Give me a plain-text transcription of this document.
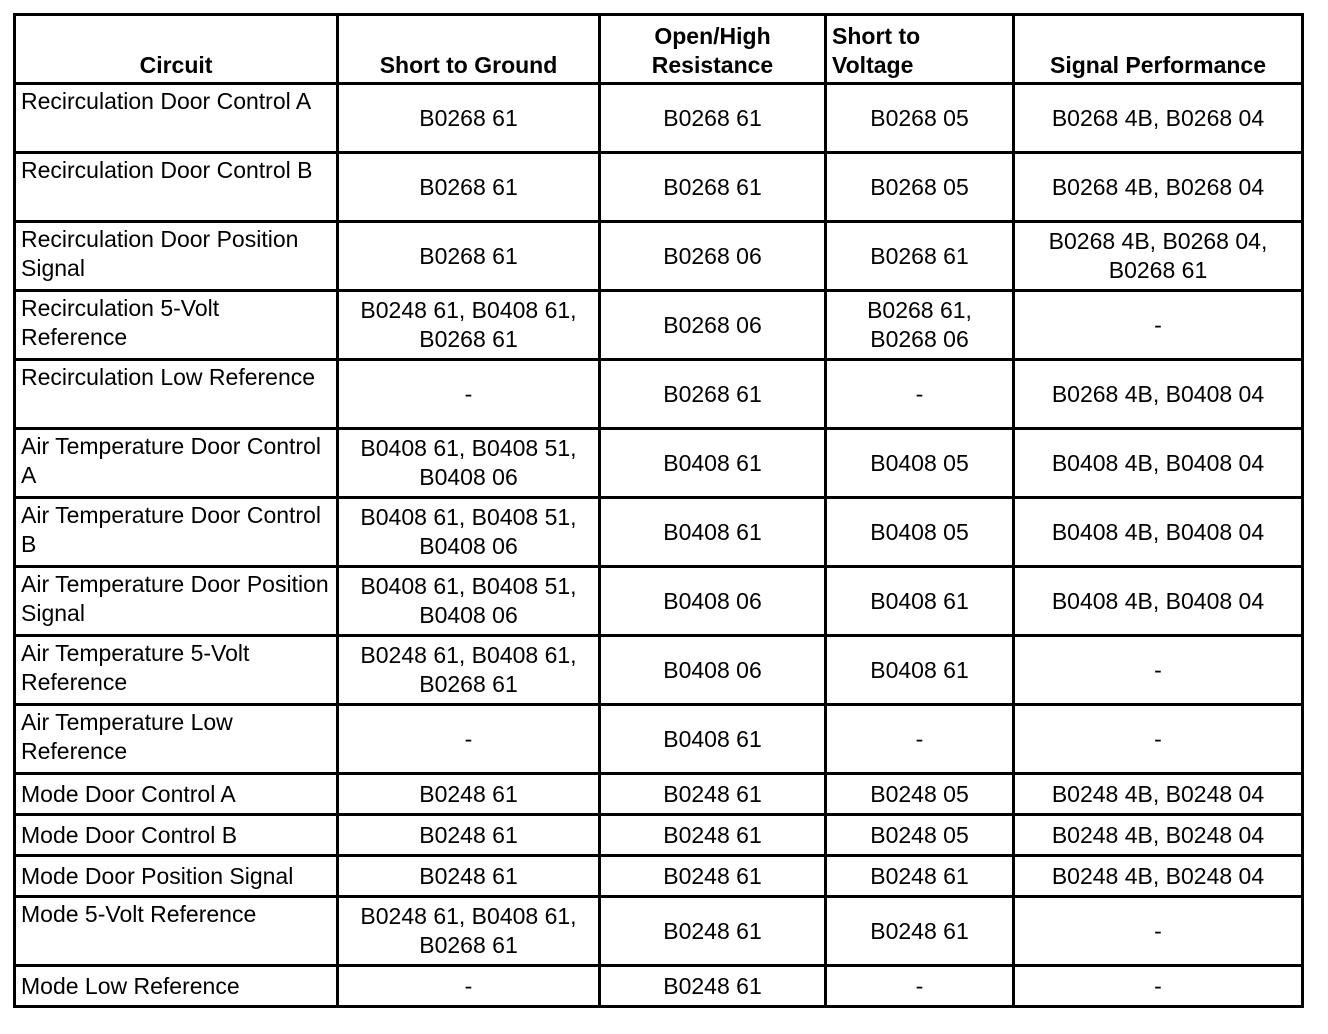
Circuit	Short to Ground	Open/High Resistance	Short to Voltage	Signal Performance
Recirculation Door Control A	B0268 61	B0268 61	B0268 05	B0268 4B, B0268 04
Recirculation Door Control B	B0268 61	B0268 61	B0268 05	B0268 4B, B0268 04
Recirculation Door Position Signal	B0268 61	B0268 06	B0268 61	B0268 4B, B0268 04, B0268 61
Recirculation 5-Volt Reference	B0248 61, B0408 61, B0268 61	B0268 06	B0268 61, B0268 06	-
Recirculation Low Reference	-	B0268 61	-	B0268 4B, B0408 04
Air Temperature Door Control A	B0408 61, B0408 51, B0408 06	B0408 61	B0408 05	B0408 4B, B0408 04
Air Temperature Door Control B	B0408 61, B0408 51, B0408 06	B0408 61	B0408 05	B0408 4B, B0408 04
Air Temperature Door Position Signal	B0408 61, B0408 51, B0408 06	B0408 06	B0408 61	B0408 4B, B0408 04
Air Temperature 5-Volt Reference	B0248 61, B0408 61, B0268 61	B0408 06	B0408 61	-
Air Temperature Low Reference	-	B0408 61	-	-
Mode Door Control A	B0248 61	B0248 61	B0248 05	B0248 4B, B0248 04
Mode Door Control B	B0248 61	B0248 61	B0248 05	B0248 4B, B0248 04
Mode Door Position Signal	B0248 61	B0248 61	B0248 61	B0248 4B, B0248 04
Mode 5-Volt Reference	B0248 61, B0408 61, B0268 61	B0248 61	B0248 61	-
Mode Low Reference	-	B0248 61	-	-
